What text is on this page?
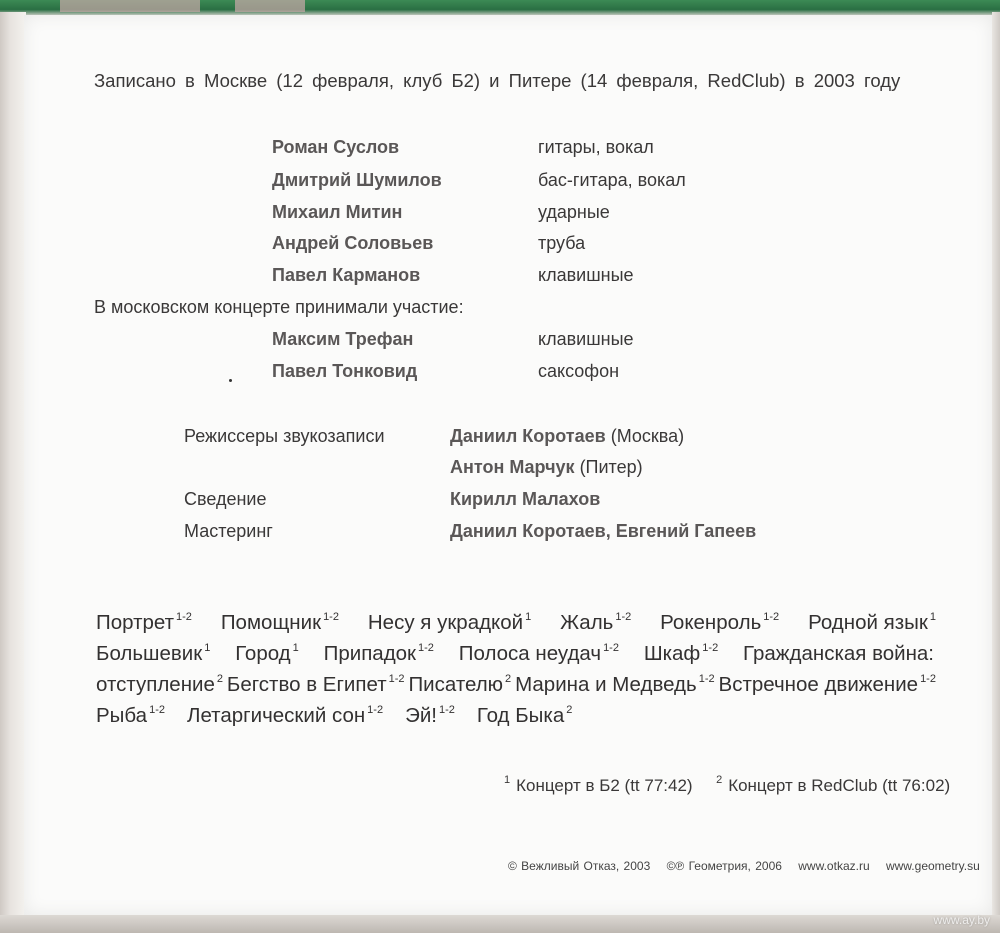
Записано в Москве (12 февраля, клуб Б2) и Питере (14 февраля, RedClub) в 2003 году
Роман Суслов	гитары, вокал
Дмитрий Шумилов	бас-гитара, вокал
Михаил Митин	ударные
Андрей Соловьев	труба
Павел Карманов	клавишные
В московском концерте принимали участие:
Максим Трефан	клавишные
Павел Тонковид	саксофон
Режиссеры звукозаписи	Даниил Коротаев (Москва)
Антон Марчук (Питер)
Сведение	Кирилл Малахов
Мастеринг	Даниил Коротаев, Евгений Гапеев
Портрет $^{1-2}$ Помощник $^{1-2}$ Несу я украдкой $^1$ Жаль $^{1-2}$ Рокенроль $^{1-2}$ Родной язык $^1$
Большевик $^1$ Город $^1$ Припадок $^{1-2}$ Полоса неудач $^{1-2}$ Шкаф $^{1-2}$ Гражданская война:
отступление $^2$ Бегство в Египет $^{1-2}$ Писателю $^2$ Марина и Медведь $^{1-2}$ Встречное движение $^{1-2}$
Рыба $^{1-2}$ Летаргический сон $^{1-2}$ Эй! $^{1-2}$ Год Быка $^2$
$^1$ Концерт в Б2 (tt 77:42) $^2$ Концерт в RedClub (tt 76:02)
© Вежливый Отказ, 2003 ©℗ Геометрия, 2006 www.otkaz.ru www.geometry.su
www.ay.by
